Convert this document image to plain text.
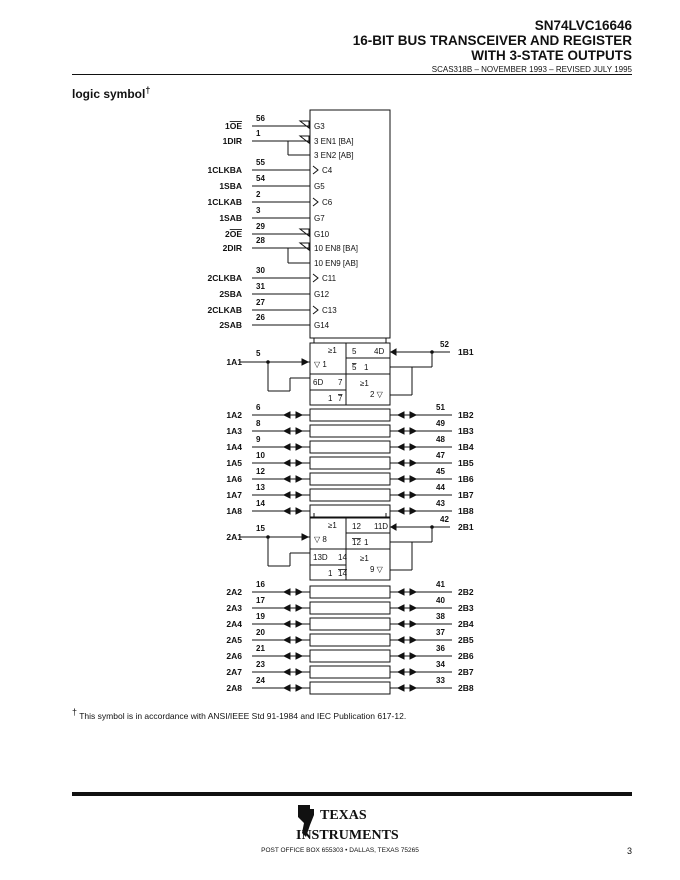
SN74LVC16646
16-BIT BUS TRANSCEIVER AND REGISTER
WITH 3-STATE OUTPUTS
SCAS318B – NOVEMBER 1993 – REVISED JULY 1995
logic symbol†
G3
56
1OE
3 EN1 [BA]
1
1DIR
3 EN2 [AB]
C4
55
1CLKBA
G5
54
1SBA
C6
2
1CLKAB
G7
3
1SAB
G10
29
2OE
10 EN8 [BA]
28
2DIR
10 EN9 [AB]
C11
30
2CLKBA
G12
31
2SBA
C13
27
2CLKAB
G14
26
2SAB
≥1
▽ 1
5 4D
5 1
6D 7
1 7
≥1
2 ▽
5
1A1
52
1B1
6
1A2
51
1B2
8
1A3
49
1B3
9
1A4
48
1B4
10
1A5
47
1B5
12
1A6
45
1B6
13
1A7
44
1B7
14
1A8
43
1B8
≥1
▽ 8
12 11D
12 1
13D 14
1 14
≥1
9 ▽
15
2A1
42
2B1
16
2A2
41
2B2
17
2A3
40
2B3
19
2A4
38
2B4
20
2A5
37
2B5
21
2A6
36
2B6
23
2A7
34
2B7
24
2A8
33
2B8
† This symbol is in accordance with ANSI/IEEE Std 91-1984 and IEC Publication 617-12.
TEXAS
INSTRUMENTS
POST OFFICE BOX 655303 • DALLAS, TEXAS 75265	3
